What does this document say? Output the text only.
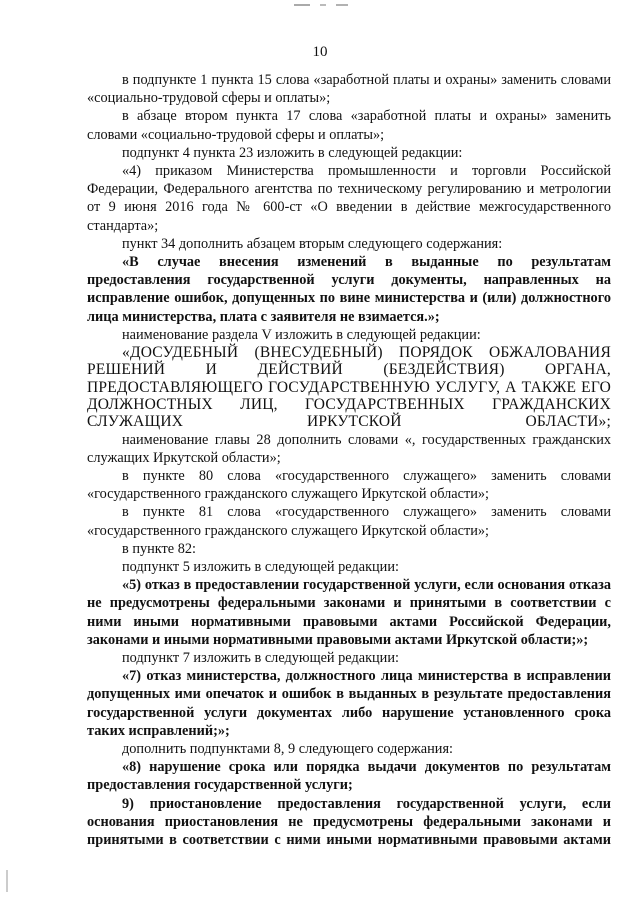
10

в подпункте 1 пункта 15 слова «заработной платы и охраны» заменить словами «социально-трудовой сферы и оплаты»;

в абзаце втором пункта 17 слова «заработной платы и охраны» заменить словами «социально-трудовой сферы и оплаты»;

подпункт 4 пункта 23 изложить в следующей редакции:

«4) приказом Министерства промышленности и торговли Российской Федерации, Федерального агентства по техническому регулированию и метрологии от 9 июня 2016 года № 600-ст «О введении в действие межгосударственного стандарта»;

пункт 34 дополнить абзацем вторым следующего содержания:

«В случае внесения изменений в выданные по результатам предоставления государственной услуги документы, направленных на исправление ошибок, допущенных по вине министерства и (или) должностного лица министерства, плата с заявителя не взимается.»;

наименование раздела V изложить в следующей редакции:

«ДОСУДЕБНЫЙ (ВНЕСУДЕБНЫЙ) ПОРЯДОК ОБЖАЛОВАНИЯ РЕШЕНИЙ И ДЕЙСТВИЙ (БЕЗДЕЙСТВИЯ) ОРГАНА, ПРЕДОСТАВЛЯЮЩЕГО ГОСУДАРСТВЕННУЮ УСЛУГУ, А ТАКЖЕ ЕГО ДОЛЖНОСТНЫХ ЛИЦ, ГОСУДАРСТВЕННЫХ ГРАЖДАНСКИХ СЛУЖАЩИХ ИРКУТСКОЙ ОБЛАСТИ»;

наименование главы 28 дополнить словами «, государственных гражданских служащих Иркутской области»;

в пункте 80 слова «государственного служащего» заменить словами «государственного гражданского служащего Иркутской области»;

в пункте 81 слова «государственного служащего» заменить словами «государственного гражданского служащего Иркутской области»;

в пункте 82:

подпункт 5 изложить в следующей редакции:

«5) отказ в предоставлении государственной услуги, если основания отказа не предусмотрены федеральными законами и принятыми в соответствии с ними иными нормативными правовыми актами Российской Федерации, законами и иными нормативными правовыми актами Иркутской области;»;

подпункт 7 изложить в следующей редакции:

«7) отказ министерства, должностного лица министерства в исправлении допущенных ими опечаток и ошибок в выданных в результате предоставления государственной услуги документах либо нарушение установленного срока таких исправлений;»;

дополнить подпунктами 8, 9 следующего содержания:

«8) нарушение срока или порядка выдачи документов по результатам предоставления государственной услуги;

9) приостановление предоставления государственной услуги, если основания приостановления не предусмотрены федеральными законами и принятыми в соответствии с ними иными нормативными правовыми актами
